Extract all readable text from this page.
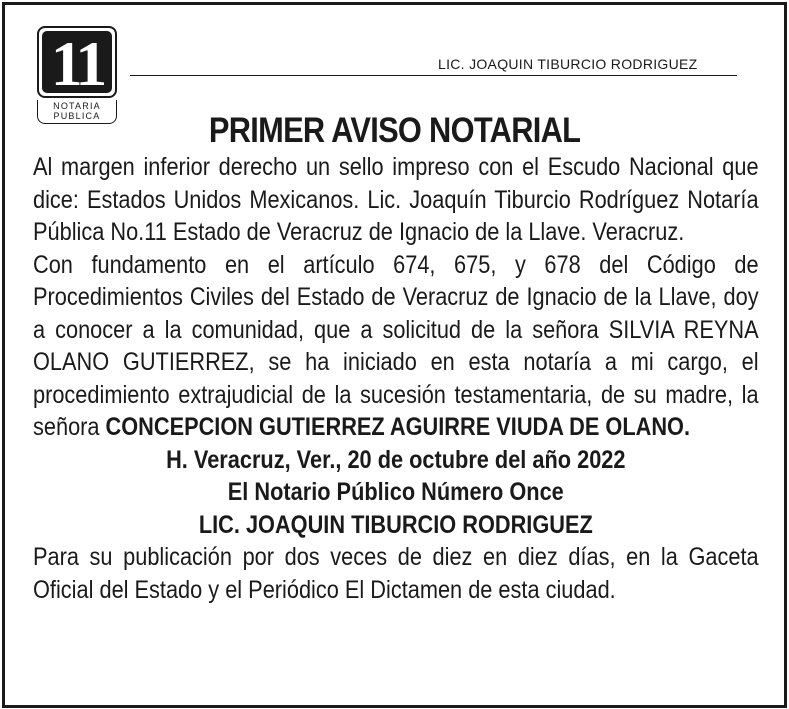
11
NOTARIA
PUBLICA
LIC. JOAQUIN TIBURCIO RODRIGUEZ
PRIMER AVISO NOTARIAL

Al margen inferior derecho un sello impreso con el Escudo Nacional que dice: Estados Unidos Mexicanos. Lic. Joaquín Tiburcio Rodríguez Notaría Pública No.11 Estado de Veracruz de Ignacio de la Llave. Veracruz.

Con fundamento en el artículo 674, 675, y 678 del Código de Procedimientos Civiles del Estado de Veracruz de Ignacio de la Llave, doy a conocer a la comunidad, que a solicitud de la señora SILVIA REYNA OLANO GUTIERREZ, se ha iniciado en esta notaría a mi cargo, el procedimiento extrajudicial de la sucesión testamentaria, de su madre, la señora CONCEPCION GUTIERREZ AGUIRRE VIUDA DE OLANO.

H. Veracruz, Ver., 20 de octubre del año 2022

El Notario Público Número Once

LIC. JOAQUIN TIBURCIO RODRIGUEZ

Para su publicación por dos veces de diez en diez días, en la Gaceta Oficial del Estado y el Periódico El Dictamen de esta ciudad.
